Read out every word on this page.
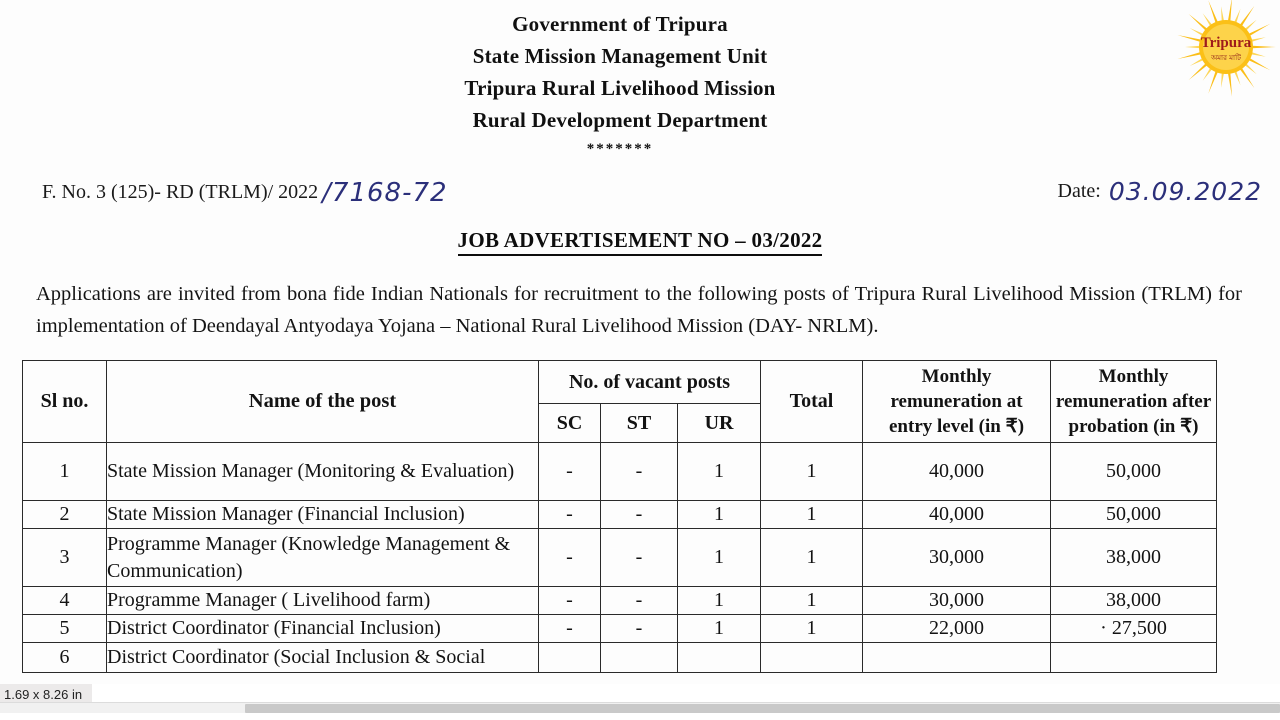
Tripura
অমার মাটি
Government of Tripura
State Mission Management Unit
Tripura Rural Livelihood Mission
Rural Development Department
*******
F. No. 3 (125)- RD (TRLM)/ 2022 /7168-72	Date: 03.09.2022
JOB ADVERTISEMENT NO – 03/2022

Applications are invited from bona fide Indian Nationals for recruitment to the following posts of Tripura Rural Livelihood Mission (TRLM) for implementation of Deendayal Antyodaya Yojana – National Rural Livelihood Mission (DAY- NRLM).

Sl no.	Name of the post	No. of vacant posts			Total	Monthly remuneration at entry level (in ₹)	Monthly remuneration after probation (in ₹)
		SC	ST	UR			
1	State Mission Manager (Monitoring & Evaluation)	-	-	1	1	40,000	50,000
2	State Mission Manager (Financial Inclusion)	-	-	1	1	40,000	50,000
3	Programme Manager (Knowledge Management & Communication)	-	-	1	1	30,000	38,000
4	Programme Manager ( Livelihood farm)	-	-	1	1	30,000	38,000
5	District Coordinator (Financial Inclusion)	-	-	1	1	22,000	· 27,500
6	District Coordinator (Social Inclusion & Social						
1.69 x 8.26 in
